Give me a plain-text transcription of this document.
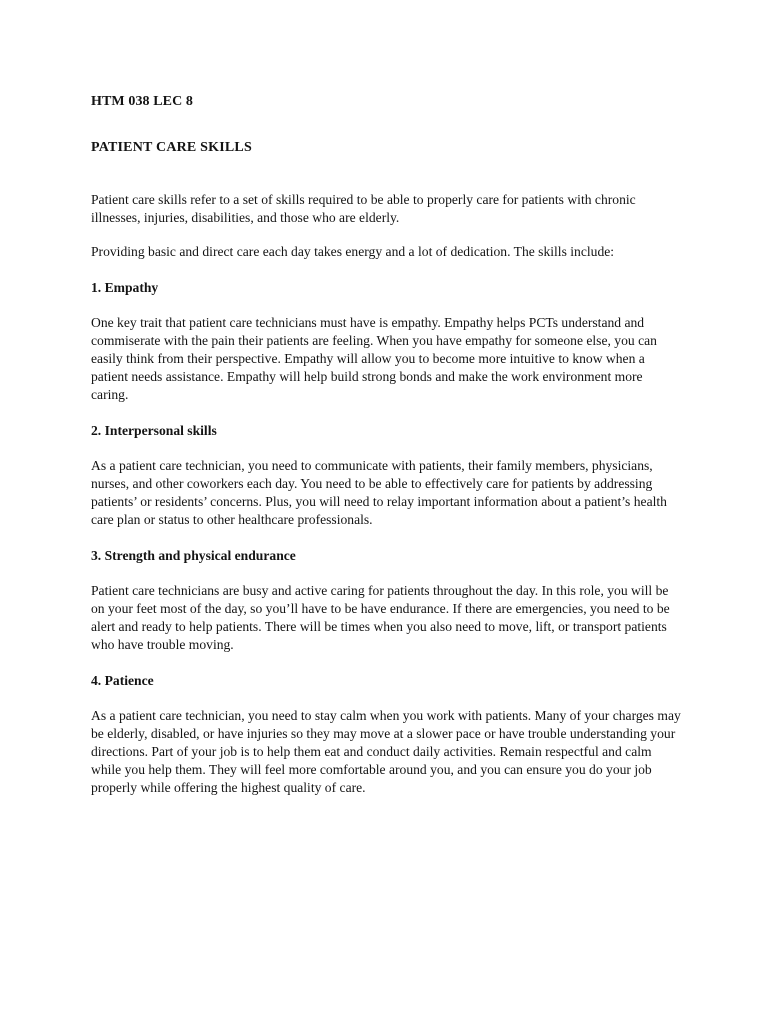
HTM 038 LEC 8

PATIENT CARE SKILLS

Patient care skills refer to a set of skills required to be able to properly care for patients with chronic illnesses, injuries, disabilities, and those who are elderly.

Providing basic and direct care each day takes energy and a lot of dedication. The skills include:

1. Empathy

One key trait that patient care technicians must have is empathy. Empathy helps PCTs understand and commiserate with the pain their patients are feeling. When you have empathy for someone else, you can easily think from their perspective. Empathy will allow you to become more intuitive to know when a patient needs assistance. Empathy will help build strong bonds and make the work environment more caring.

2. Interpersonal skills

As a patient care technician, you need to communicate with patients, their family members, physicians, nurses, and other coworkers each day. You need to be able to effectively care for patients by addressing patients’ or residents’ concerns. Plus, you will need to relay important information about a patient’s health care plan or status to other healthcare professionals.

3. Strength and physical endurance

Patient care technicians are busy and active caring for patients throughout the day. In this role, you will be on your feet most of the day, so you’ll have to be have endurance. If there are emergencies, you need to be alert and ready to help patients. There will be times when you also need to move, lift, or transport patients who have trouble moving.

4. Patience

As a patient care technician, you need to stay calm when you work with patients. Many of your charges may be elderly, disabled, or have injuries so they may move at a slower pace or have trouble understanding your directions. Part of your job is to help them eat and conduct daily activities. Remain respectful and calm while you help them. They will feel more comfortable around you, and you can ensure you do your job properly while offering the highest quality of care.
